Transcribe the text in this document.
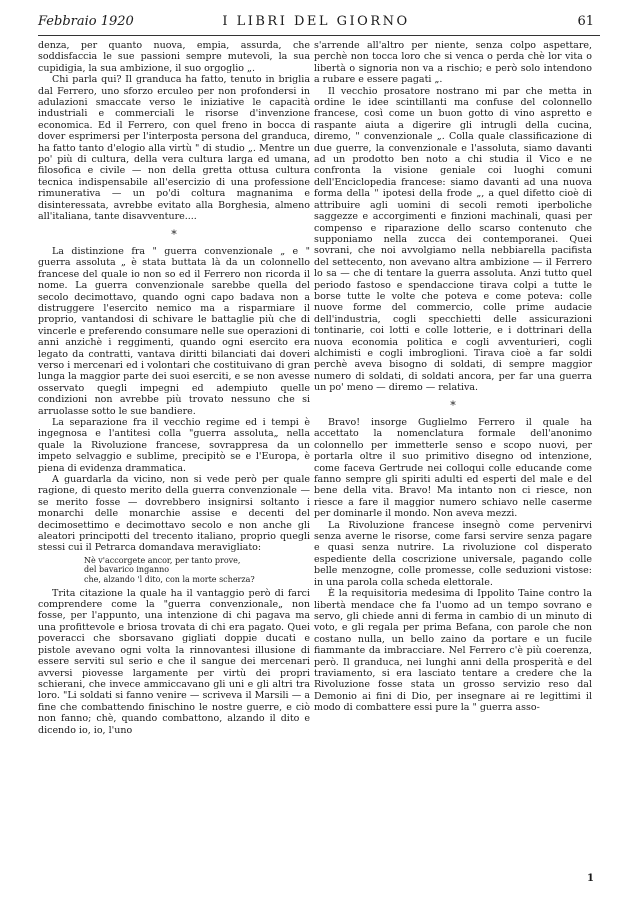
Febbraio 1920	I LIBRI DEL GIORNO	61

denza, per quanto nuova, empia, assurda, che soddisfaccia le sue passioni sempre mutevoli, la sua cupidigia, la sua ambizione, il suo orgoglio „.

Chi parla qui? Il granduca ha fatto, tenuto in briglia dal Ferrero, uno sforzo erculeo per non profondersi in adulazioni smaccate verso le iniziative le capacità industriali e commerciali le risorse d'invenzione economica. Ed il Ferrero, con quel freno in bocca di dover esprimersi per l'interposta persona del granduca, ha fatto tanto d'elogio alla virtù " di studio „. Mentre un po' più di cultura, della vera cultura larga ed umana, filosofica e civile — non della gretta ottusa cultura tecnica indispensabile all'esercizio di una professione rimunerativa — un po'di coltura magnanima e disinteressata, avrebbe evitato alla Borghesia, almeno all'italiana, tante disavventure....

*

La distinzione fra " guerra convenzionale „ e " guerra assoluta „ è stata buttata là da un colonnello francese del quale io non so ed il Ferrero non ricorda il nome. La guerra convenzionale sarebbe quella del secolo decimottavo, quando ogni capo badava non a distruggere l'esercito nemico ma a risparmiare il proprio, vantandosi di schivare le battaglie più che di vincerle e preferendo consumare nelle sue operazioni di anni anzichè i reggimenti, quando ogni esercito era legato da contratti, vantava diritti bilanciati dai doveri verso i mercenari ed i volontari che costituivano di gran lunga la maggior parte dei suoi eserciti, e se non avesse osservato quegli impegni ed adempiuto quelle condizioni non avrebbe più trovato nessuno che si arruolasse sotto le sue bandiere.

La separazione fra il vecchio regime ed i tempi è ingegnosa e l'antitesi colla "guerra assoluta„ nella quale la Rivoluzione francese, sovrappresa da un impeto selvaggio e sublime, precipitò se e l'Europa, è piena di evidenza drammatica.

A guardarla da vicino, non si vede però per quale ragione, di questo merito della guerra convenzionale — se merito fosse — dovrebbero insignirsi soltanto i monarchi delle monarchie assise e decenti del decimosettimo e decimottavo secolo e non anche gli aleatori principotti del trecento italiano, proprio quegli stessi cui il Petrarca domandava meravigliato:

Nè v'accorgete ancor, per tanto prove,
del bavarico inganno
che, alzando 'l dito, con la morte scherza?

Trita citazione la quale ha il vantaggio però di farci comprendere come la "guerra convenzionale„ non fosse, per l'appunto, una intenzione di chi pagava ma una profittevole e briosa trovata di chi era pagato. Quei poveracci che sborsavano gigliati doppie ducati e pistole avevano ogni volta la rinnovantesi illusione di essere serviti sul serio e che il sangue dei mercenari avversi piovesse largamente per virtù dei propri schierani, che invece ammiccavano gli uni e gli altri tra loro. "Li soldati si fanno venire — scriveva il Marsili — a fine che combattendo finischino le nostre guerre, e ciò non fanno; chè, quando combattono, alzando il dito e dicendo io, io, l'uno

s'arrende all'altro per niente, senza colpo aspettare, perchè non tocca loro che si venca o perda chè lor vita o libertà o signoria non va a rischio; e però solo intendono a rubare e essere pagati „.

Il vecchio prosatore nostrano mi par che metta in ordine le idee scintillanti ma confuse del colonnello francese, così come un buon gotto di vino aspretto e raspante aiuta a digerire gli intrugli della cucina, diremo, " convenzionale „. Colla quale classificazione di due guerre, la convenzionale e l'assoluta, siamo davanti ad un prodotto ben noto a chi studia il Vico e ne confronta la visione geniale coi luoghi comuni dell'Enciclopedia francese: siamo davanti ad una nuova forma della " ipotesi della frode „, a quel difetto cioè di attribuire agli uomini di secoli remoti iperboliche saggezze e accorgimenti e finzioni machinali, quasi per compenso e riparazione dello scarso contenuto che supponiamo nella zucca dei contemporanei. Quei sovrani, che noi avvolgiamo nella nebbiarella pacifista del settecento, non avevano altra ambizione — il Ferrero lo sa — che di tentare la guerra assoluta. Anzi tutto quel periodo fastoso e spendaccione tirava colpi a tutte le borse tutte le volte che poteva e come poteva: colle nuove forme del commercio, colle prime audacie dell'industria, cogli specchietti delle assicurazioni tontinarie, coi lotti e colle lotterie, e i dottrinari della nuova economia politica e cogli avventurieri, cogli alchimisti e cogli imbroglioni. Tirava cioè a far soldi perchè aveva bisogno di soldati, di sempre maggior numero di soldati, di soldati ancora, per far una guerra un po' meno — diremo — relativa.

*

Bravo! insorge Guglielmo Ferrero il quale ha accettato la nomenclatura formale dell'anonimo colonnello per immetterle senso e scopo nuovi, per portarla oltre il suo primitivo disegno od intenzione, come faceva Gertrude nei colloqui colle educande come fanno sempre gli spiriti adulti ed esperti del male e del bene della vita. Bravo! Ma intanto non ci riesce, non riesce a fare il maggior numero schiavo nelle caserme per dominarle il mondo. Non aveva mezzi.

La Rivoluzione francese insegnò come pervenirvi senza averne le risorse, come farsi servire senza pagare e quasi senza nutrire. La rivoluzione col disperato espediente della coscrizione universale, pagando colle belle menzogne, colle promesse, colle seduzioni vistose: in una parola colla scheda elettorale.

È la requisitoria medesima di Ippolito Taine contro la libertà mendace che fa l'uomo ad un tempo sovrano e servo, gli chiede anni di ferma in cambio di un minuto di voto, e gli regala per prima Befana, con parole che non costano nulla, un bello zaino da portare e un fucile fiammante da imbracciare. Nel Ferrero c'è più coerenza, però. Il granduca, nei lunghi anni della prosperità e del traviamento, si era lasciato tentare a credere che la Rivoluzione fosse stata un grosso servizio reso dal Demonio ai fini di Dio, per insegnare ai re legittimi il modo di combattere essi pure la " guerra asso-

1
